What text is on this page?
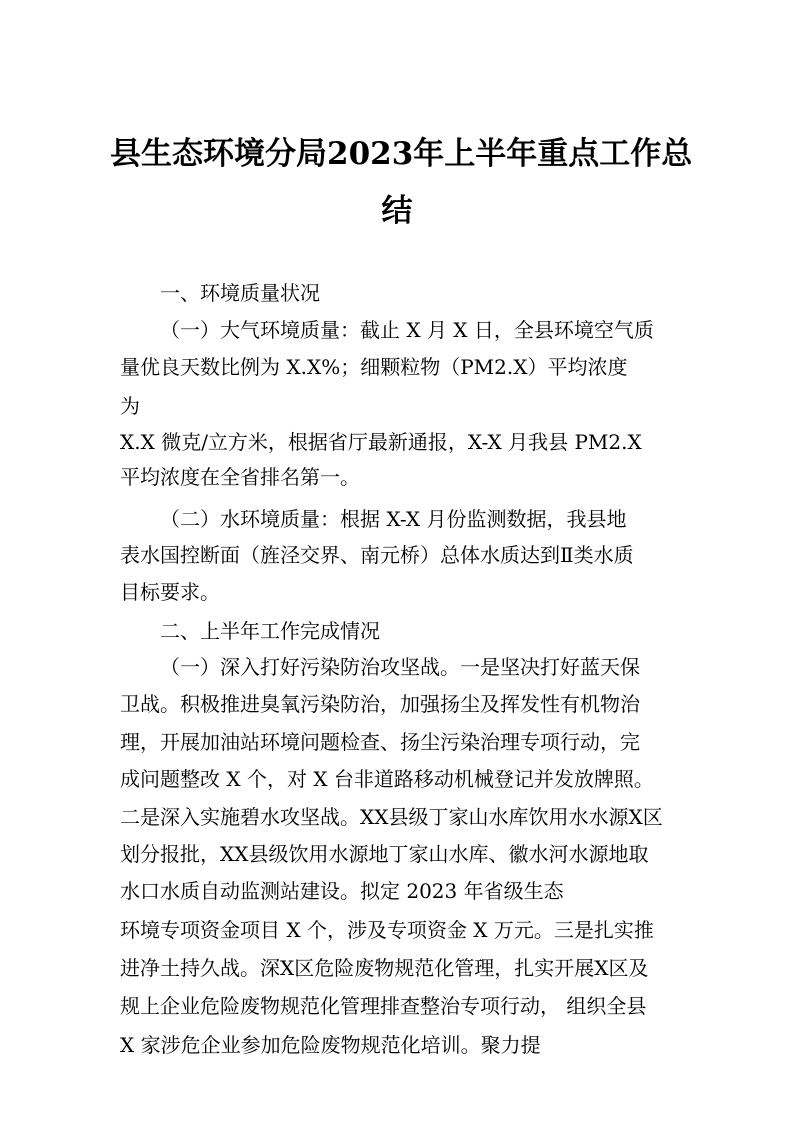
县生态环境分局2023年上半年重点工作总
结
一、环境质量状况
（一）大气环境质量：截止 X 月 X 日，全县环境空气质
量优良天数比例为 X.X%；细颗粒物（PM2.X）平均浓度
为
X.X 微克/立方米，根据省厅最新通报，X-X 月我县 PM2.X
平均浓度在全省排名第一。
（二）水环境质量：根据 X-X 月份监测数据，我县地
表水国控断面（旌泾交界、南元桥）总体水质达到Ⅱ类水质
目标要求。
二、上半年工作完成情况
（一）深入打好污染防治攻坚战。一是坚决打好蓝天保
卫战。积极推进臭氧污染防治，加强扬尘及挥发性有机物治
理，开展加油站环境问题检查、扬尘污染治理专项行动，完
成问题整改 X 个，对 X 台非道路移动机械登记并发放牌照。
二是深入实施碧水攻坚战。XX县级丁家山水库饮用水水源X区
划分报批，XX县级饮用水源地丁家山水库、徽水河水源地取
水口水质自动监测站建设。拟定 2023 年省级生态
环境专项资金项目 X 个，涉及专项资金 X 万元。三是扎实推
进净土持久战。深X区危险废物规范化管理，扎实开展X区及
规上企业危险废物规范化管理排查整治专项行动， 组织全县
X 家涉危企业参加危险废物规范化培训。聚力提
